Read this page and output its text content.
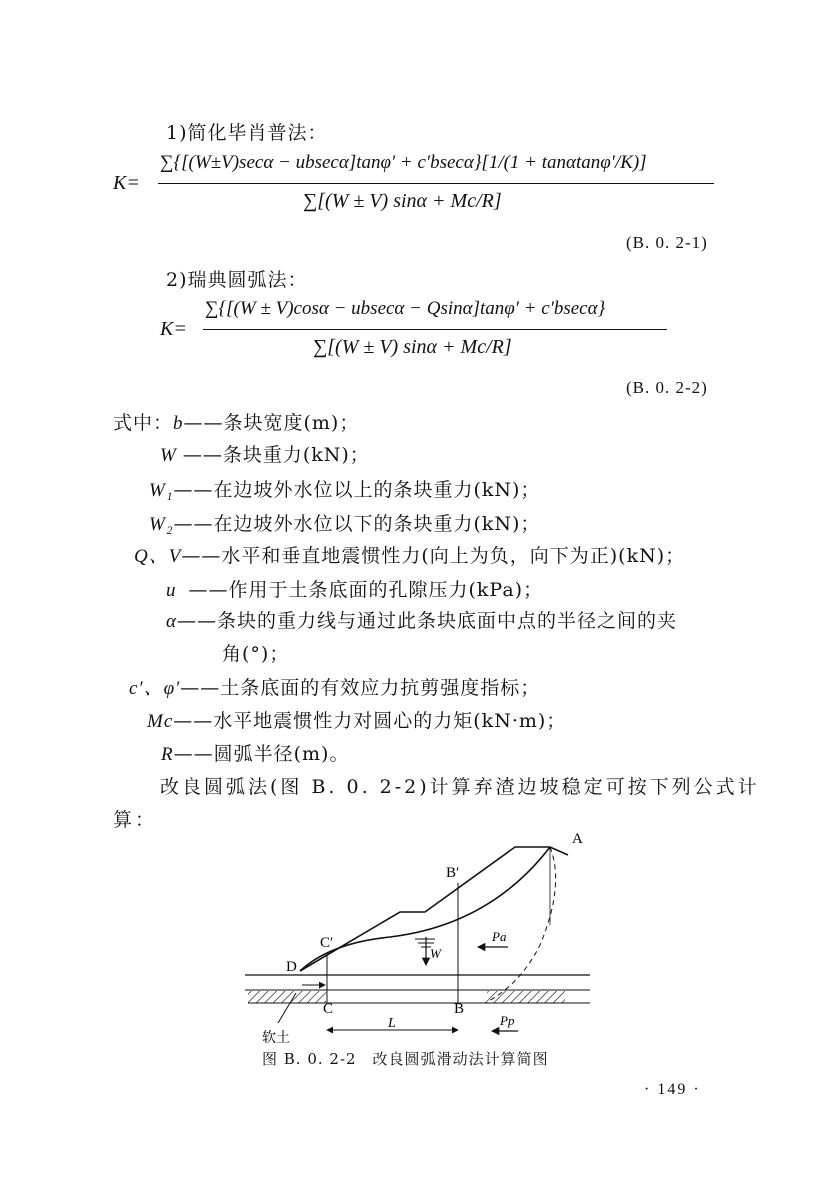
1)简化毕肖普法：
K=
∑{[(W±V)secα − ubsecα]tanφ′ + c′bsecα}[1/(1 + tanαtanφ′/K)]
∑[(W ± V) sinα + Mc/R]
(B. 0. 2-1)
2)瑞典圆弧法：
K=
∑{[(W ± V)cosα − ubsecα − Qsinα]tanφ′ + c′bsecα}
∑[(W ± V) sinα + Mc/R]
(B. 0. 2-2)
式中： b——条块宽度(m)；
W ——条块重力(kN)；
W₁——在边坡外水位以上的条块重力(kN)；
W₂——在边坡外水位以下的条块重力(kN)；
Q、V——水平和垂直地震惯性力(向上为负，向下为正)(kN)；
u ——作用于土条底面的孔隙压力(kPa)；
α——条块的重力线与通过此条块底面中点的半径之间的夹
角(°)；
c′、φ′——土条底面的有效应力抗剪强度指标；
Mc——水平地震惯性力对圆心的力矩(kN·m)；
R——圆弧半径(m)。
改良圆弧法(图 B. 0. 2-2)计算弃渣边坡稳定可按下列公式计
算：
A
B′
C′
D
C	B
W
Pa
Pp
L
软土
图 B. 0. 2-2　改良圆弧滑动法计算简图
· 149 ·
